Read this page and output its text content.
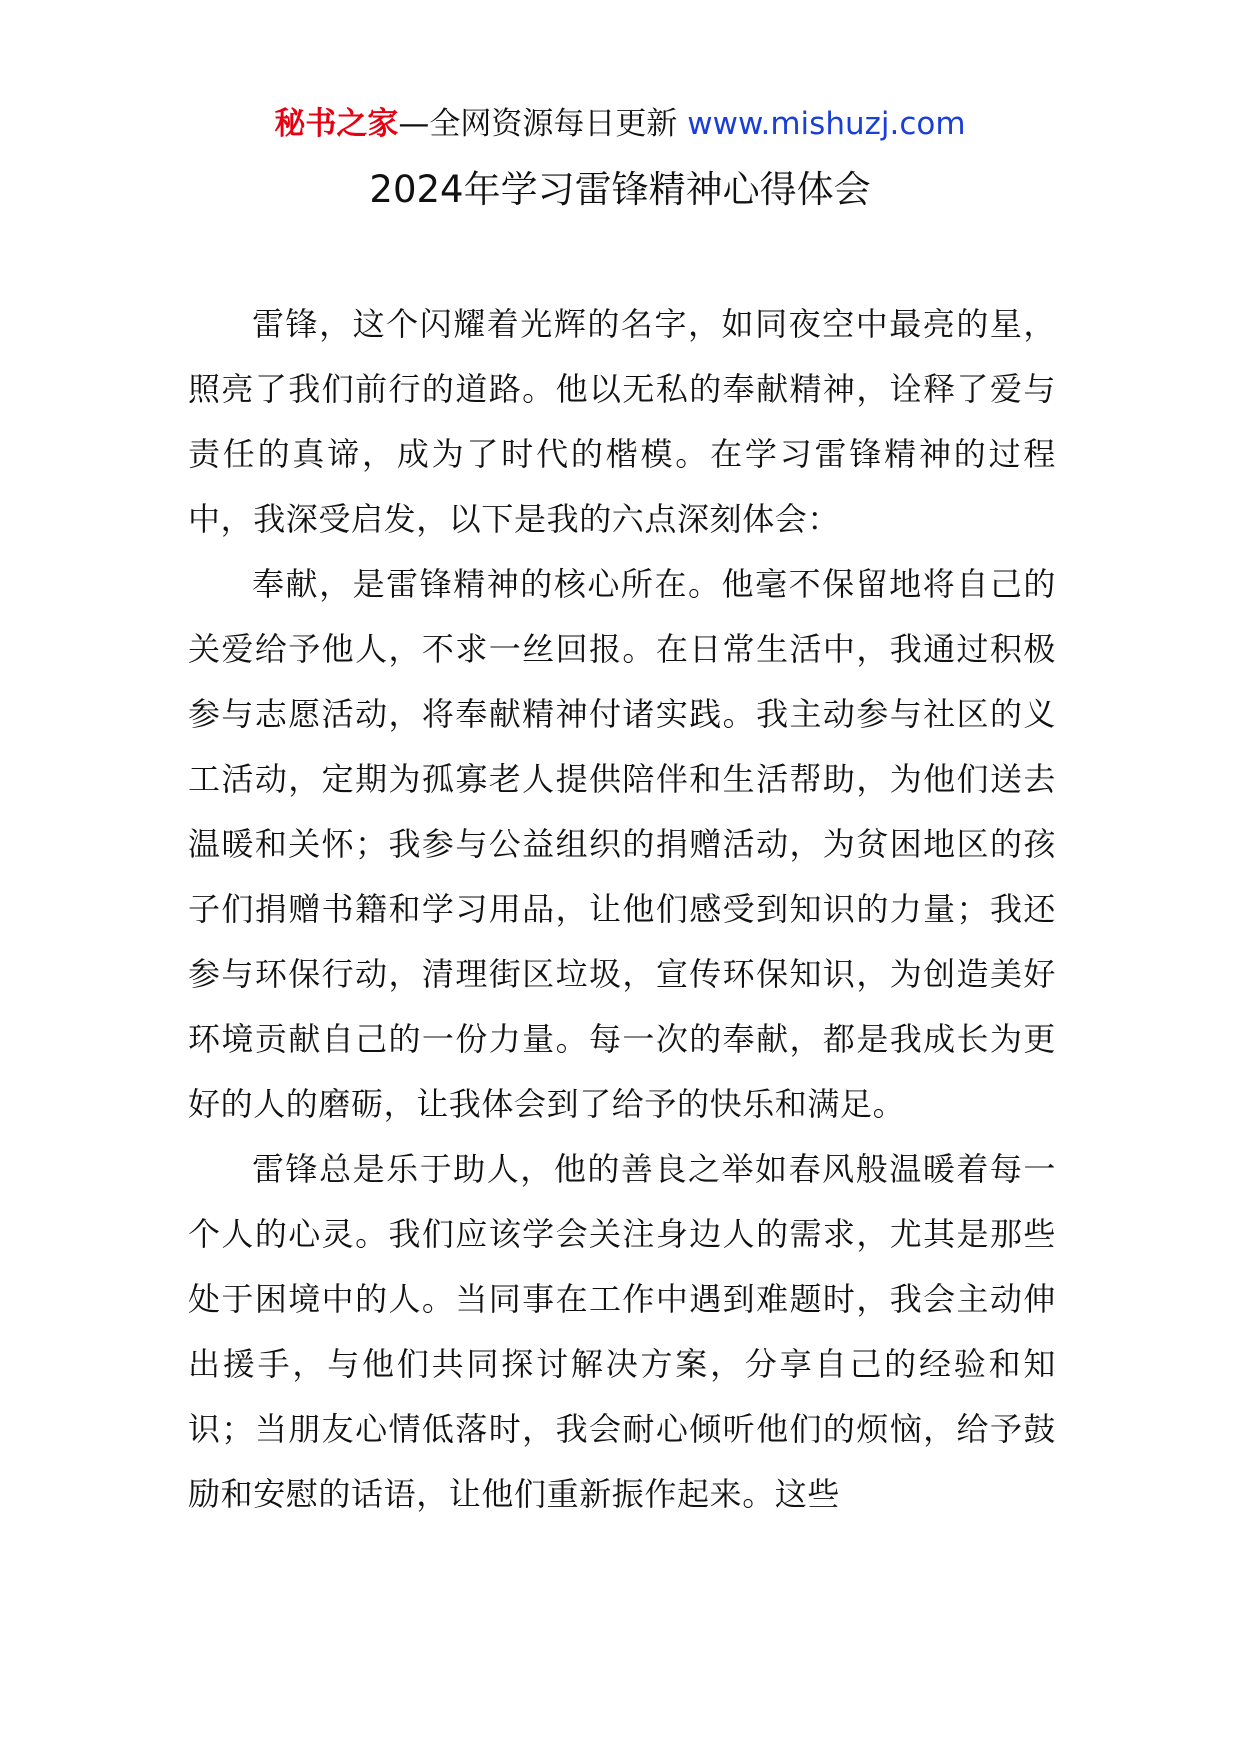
秘书之家—全网资源每日更新 www.mishuzj.com
2024年学习雷锋精神心得体会

雷锋，这个闪耀着光辉的名字，如同夜空中最亮的星，照亮了我们前行的道路。他以无私的奉献精神，诠释了爱与责任的真谛，成为了时代的楷模。在学习雷锋精神的过程中，我深受启发，以下是我的六点深刻体会：

奉献，是雷锋精神的核心所在。他毫不保留地将自己的关爱给予他人，不求一丝回报。在日常生活中，我通过积极参与志愿活动，将奉献精神付诸实践。我主动参与社区的义工活动，定期为孤寡老人提供陪伴和生活帮助，为他们送去温暖和关怀；我参与公益组织的捐赠活动，为贫困地区的孩子们捐赠书籍和学习用品，让他们感受到知识的力量；我还参与环保行动，清理街区垃圾，宣传环保知识，为创造美好环境贡献自己的一份力量。每一次的奉献，都是我成长为更好的人的磨砺，让我体会到了给予的快乐和满足。

雷锋总是乐于助人，他的善良之举如春风般温暖着每一个人的心灵。我们应该学会关注身边人的需求，尤其是那些处于困境中的人。当同事在工作中遇到难题时，我会主动伸出援手，与他们共同探讨解决方案，分享自己的经验和知识；当朋友心情低落时，我会耐心倾听他们的烦恼，给予鼓励和安慰的话语，让他们重新振作起来。这些
